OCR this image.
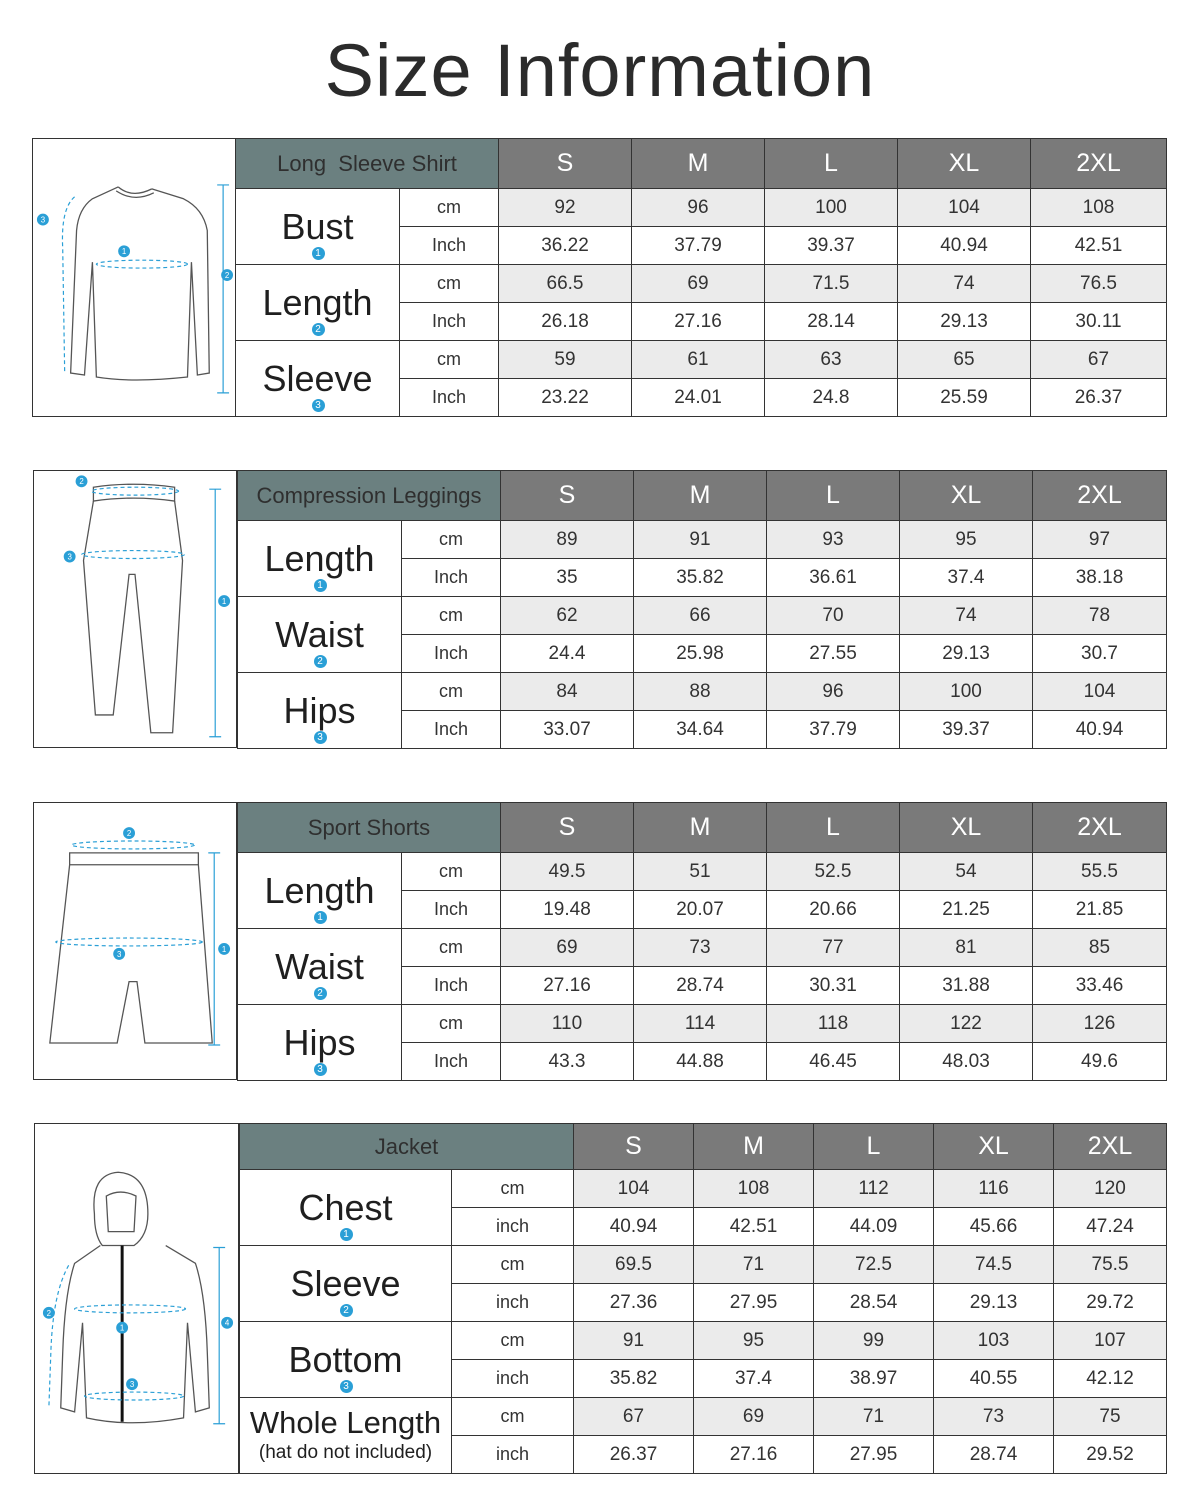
Size Information
1
2
3
Long  Sleeve Shirt		S	M	L	XL	2XL

Bust
1	cm	92	96	100	104	108
	Inch	36.22	37.79	39.37	40.94	42.51

Length
2	cm	66.5	69	71.5	74	76.5
	Inch	26.18	27.16	28.14	29.13	30.11

Sleeve
3	cm	59	61	63	65	67
	Inch	23.22	24.01	24.8	25.59	26.37
2
3
1
Compression Leggings		S	M	L	XL	2XL

Length
1	cm	89	91	93	95	97
	Inch	35	35.82	36.61	37.4	38.18

Waist
2	cm	62	66	70	74	78
	Inch	24.4	25.98	27.55	29.13	30.7

Hips
3	cm	84	88	96	100	104
	Inch	33.07	34.64	37.79	39.37	40.94
2
3
1
Sport Shorts		S	M	L	XL	2XL

Length
1	cm	49.5	51	52.5	54	55.5
	Inch	19.48	20.07	20.66	21.25	21.85

Waist
2	cm	69	73	77	81	85
	Inch	27.16	28.74	30.31	31.88	33.46

Hips
3	cm	110	114	118	122	126
	Inch	43.3	44.88	46.45	48.03	49.6
1
2
3
4
Jacket		S	M	L	XL	2XL

Chest
1	cm	104	108	112	116	120
	inch	40.94	42.51	44.09	45.66	47.24

Sleeve
2	cm	69.5	71	72.5	74.5	75.5
	inch	27.36	27.95	28.54	29.13	29.72

Bottom
3	cm	91	95	99	103	107
	inch	35.82	37.4	38.97	40.55	42.12

Whole Length
(hat do not included)	cm	67	69	71	73	75
	inch	26.37	27.16	27.95	28.74	29.52
